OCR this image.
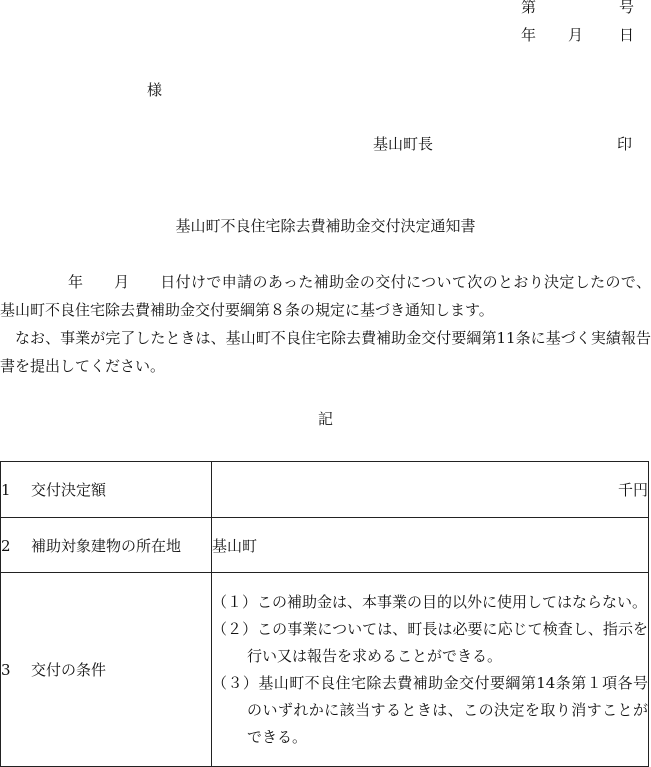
第	号
年 月 日
様
基山町長	印
基山町不良住宅除去費補助金交付決定通知書
年　　月　　日付けで申請のあった補助金の交付について次のとおり決定したので、基山町不良住宅除去費補助金交付要綱第８条の規定に基づき通知します。
なお、事業が完了したときは、基山町不良住宅除去費補助金交付要綱第11条に基づく実績報告書を提出してください。
記
1 交付決定額	千円
2 補助対象建物の所在地	基山町
3 交付の条件	（１）この補助金は、本事業の目的以外に使用してはならない。
（２）この事業については、町長は必要に応じて検査し、指示を行い又は報告を求めることができる。
（３）基山町不良住宅除去費補助金交付要綱第14条第１項各号のいずれかに該当するときは、この決定を取り消すことができる。
